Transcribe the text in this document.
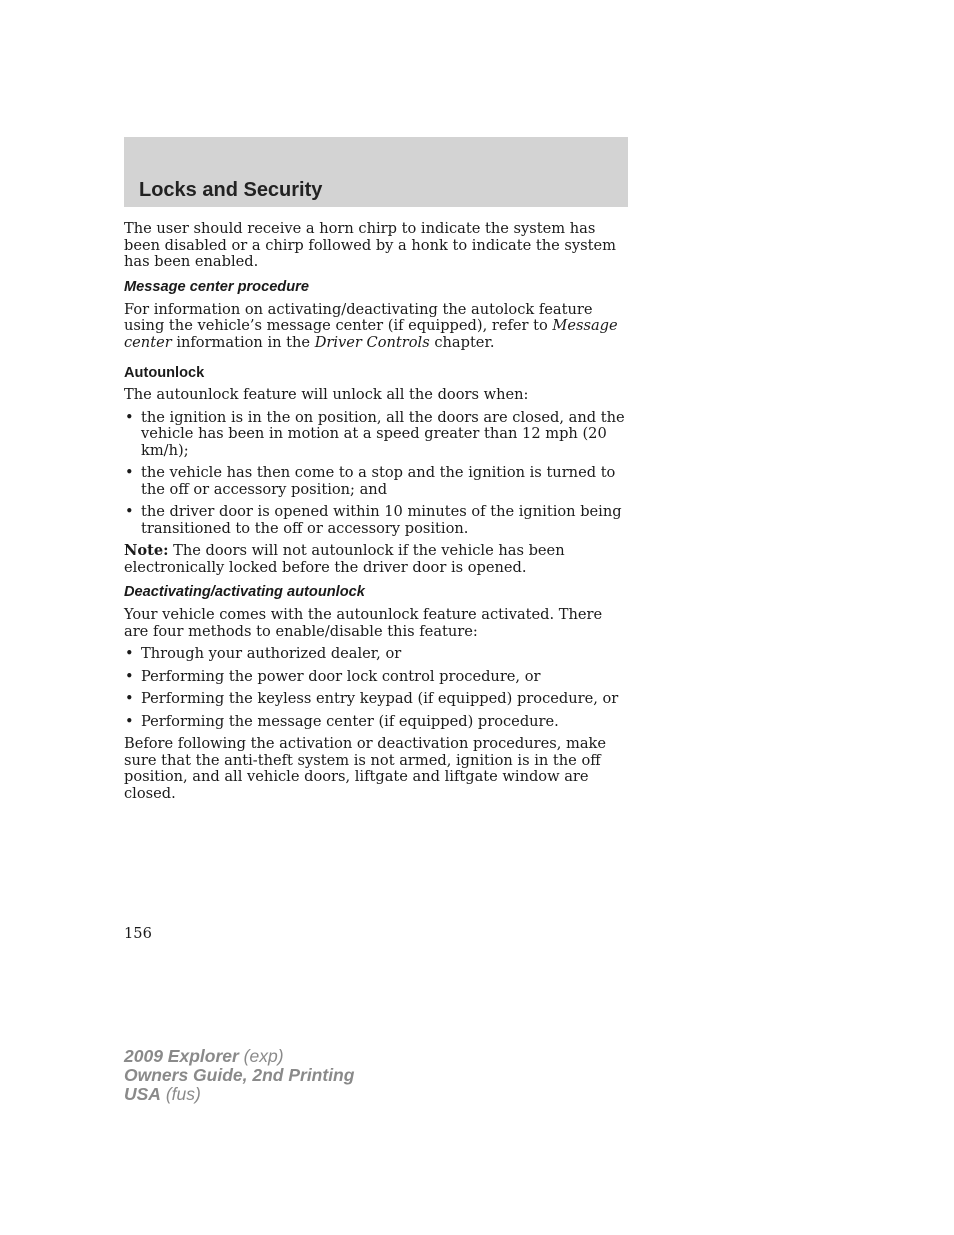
Locks and Security

The user should receive a horn chirp to indicate the system has been disabled or a chirp followed by a honk to indicate the system has been enabled.

Message center procedure

For information on activating/deactivating the autolock feature using the vehicle’s message center (if equipped), refer to Message center information in the Driver Controls chapter.

Autounlock

The autounlock feature will unlock all the doors when:

• the ignition is in the on position, all the doors are closed, and the vehicle has been in motion at a speed greater than 12 mph (20 km/h);
• the vehicle has then come to a stop and the ignition is turned to the off or accessory position; and
• the driver door is opened within 10 minutes of the ignition being transitioned to the off or accessory position.

Note: The doors will not autounlock if the vehicle has been electronically locked before the driver door is opened.

Deactivating/activating autounlock

Your vehicle comes with the autounlock feature activated. There are four methods to enable/disable this feature:

• Through your authorized dealer, or
• Performing the power door lock control procedure, or
• Performing the keyless entry keypad (if equipped) procedure, or
• Performing the message center (if equipped) procedure.

Before following the activation or deactivation procedures, make sure that the anti-theft system is not armed, ignition is in the off position, and all vehicle doors, liftgate and liftgate window are closed.

156
2009 Explorer (exp)
Owners Guide, 2nd Printing
USA (fus)
